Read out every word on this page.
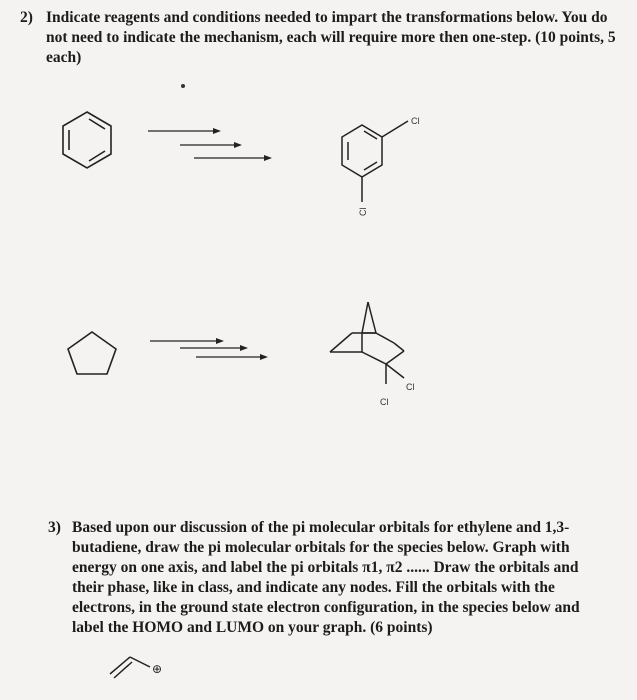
2) Indicate reagents and conditions needed to impart the transformations below. You do not need to indicate the mechanism, each will require more then one-step. (10 points, 5 each)
Cl
Cl
Cl
Cl
⊕
3) Based upon our discussion of the pi molecular orbitals for ethylene and 1,3-butadiene, draw the pi molecular orbitals for the species below. Graph with energy on one axis, and label the pi orbitals π1, π2 ...... Draw the orbitals and their phase, like in class, and indicate any nodes. Fill the orbitals with the electrons, in the ground state electron configuration, in the species below and label the HOMO and LUMO on your graph. (6 points)
